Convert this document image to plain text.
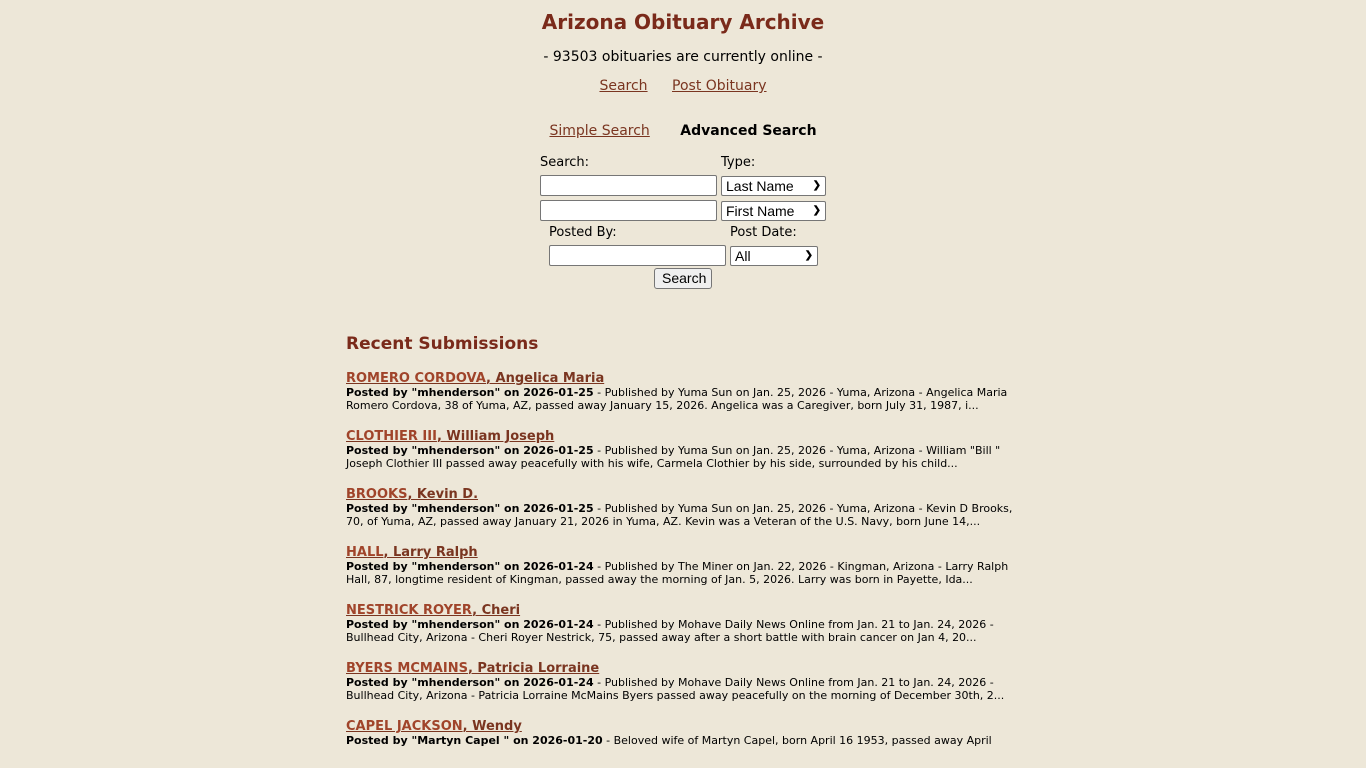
Arizona Obituary Archive
- 93503 obituaries are currently online -
Search Post Obituary
Simple Search Advanced Search
Search:	Type:
Last Name ❯
First Name ❯
Posted By:	Post Date:
All	❯
Search
Recent Submissions
ROMERO CORDOVA, Angelica Maria
Posted by "mhenderson" on 2026-01-25 - Published by Yuma Sun on Jan. 25, 2026 - Yuma, Arizona - Angelica Maria Romero Cordova, 38 of Yuma, AZ, passed away January 15, 2026. Angelica was a Caregiver, born July 31, 1987, i...
CLOTHIER III, William Joseph
Posted by "mhenderson" on 2026-01-25 - Published by Yuma Sun on Jan. 25, 2026 - Yuma, Arizona - William "Bill " Joseph Clothier III passed away peacefully with his wife, Carmela Clothier by his side, surrounded by his child...
BROOKS, Kevin D.
Posted by "mhenderson" on 2026-01-25 - Published by Yuma Sun on Jan. 25, 2026 - Yuma, Arizona - Kevin D Brooks, 70, of Yuma, AZ, passed away January 21, 2026 in Yuma, AZ. Kevin was a Veteran of the U.S. Navy, born June 14,...
HALL, Larry Ralph
Posted by "mhenderson" on 2026-01-24 - Published by The Miner on Jan. 22, 2026 - Kingman, Arizona - Larry Ralph Hall, 87, longtime resident of Kingman, passed away the morning of Jan. 5, 2026. Larry was born in Payette, Ida...
NESTRICK ROYER, Cheri
Posted by "mhenderson" on 2026-01-24 - Published by Mohave Daily News Online from Jan. 21 to Jan. 24, 2026 - Bullhead City, Arizona - Cheri Royer Nestrick, 75, passed away after a short battle with brain cancer on Jan 4, 20...
BYERS MCMAINS, Patricia Lorraine
Posted by "mhenderson" on 2026-01-24 - Published by Mohave Daily News Online from Jan. 21 to Jan. 24, 2026 - Bullhead City, Arizona - Patricia Lorraine McMains Byers passed away peacefully on the morning of December 30th, 2...
CAPEL JACKSON, Wendy
Posted by "Martyn Capel " on 2026-01-20 - Beloved wife of Martyn Capel, born April 16 1953, passed away April
